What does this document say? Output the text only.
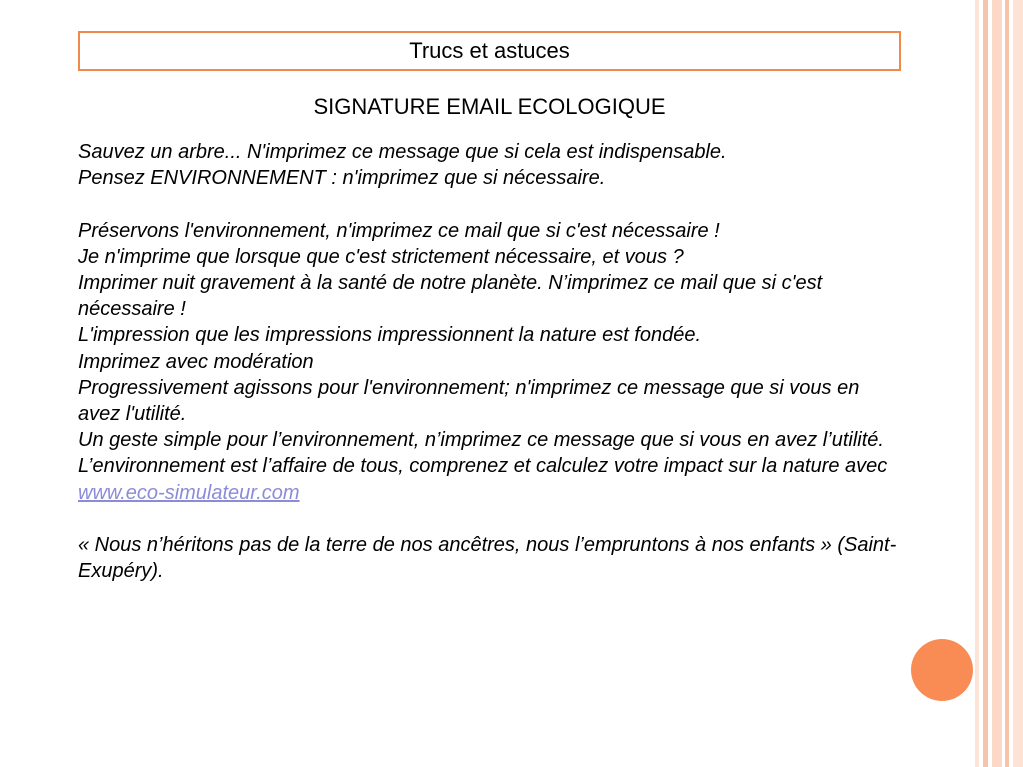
Trucs et astuces
SIGNATURE EMAIL ECOLOGIQUE

Sauvez un arbre... N'imprimez ce message que si cela est indispensable.

Pensez ENVIRONNEMENT : n'imprimez que si nécessaire.

Préservons l'environnement, n'imprimez ce mail que si c'est nécessaire !

Je n'imprime que lorsque que c'est strictement nécessaire, et vous ?

Imprimer nuit gravement à la santé de notre planète. N’imprimez ce mail que si c'est nécessaire !

L'impression que les impressions impressionnent la nature est fondée.

Imprimez avec modération

Progressivement agissons pour l'environnement; n'imprimez ce message que si vous en avez l'utilité.

Un geste simple pour l’environnement, n’imprimez ce message que si vous en avez l’utilité.

L’environnement est l’affaire de tous, comprenez et calculez votre impact sur la nature avec www.eco-simulateur.com

« Nous n’héritons pas de la terre de nos ancêtres, nous l’empruntons à nos enfants » (Saint-Exupéry).
